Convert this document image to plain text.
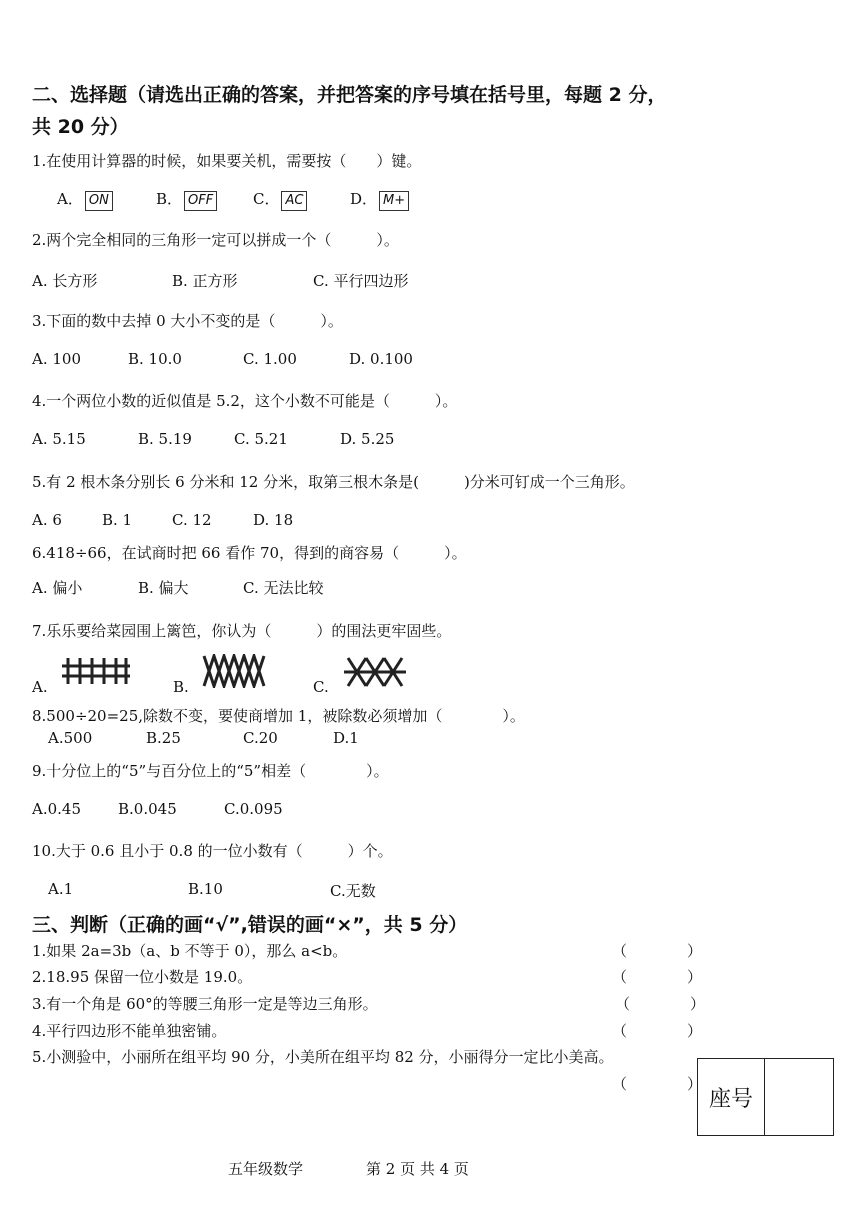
二、选择题（请选出正确的答案，并把答案的序号填在括号里，每题 2 分，
共 20 分）
1.在使用计算器的时候，如果要关机，需要按（　　）键。
A． ON	B． OFF	C． AC	D． M+
2.两个完全相同的三角形一定可以拼成一个（　　　）。
A. 长方形	B. 正方形	C. 平行四边形
3.下面的数中去掉 0 大小不变的是（　　　）。
A. 100	B. 10.0	C. 1.00	D. 0.100
4.一个两位小数的近似值是 5.2，这个小数不可能是（　　　）。
A. 5.15	B. 5.19	C. 5.21	D. 5.25
5.有 2 根木条分别长 6 分米和 12 分米，取第三根木条是(　　　)分米可钉成一个三角形。
A. 6	B. 1	C. 12	D. 18
6.418÷66，在试商时把 66 看作 70，得到的商容易（　　　）。
A. 偏小	B. 偏大	C. 无法比较
7.乐乐要给菜园围上篱笆，你认为（　　　）的围法更牢固些。
A.	B.	C.
8.500÷20=25,除数不变，要使商增加 1，被除数必须增加（　　　　）。
A.500	B.25	C.20	D.1
9.十分位上的“5”与百分位上的“5”相差（　　　　）。
A.0.45 B.0.045	C.0.095
10.大于 0.6 且小于 0.8 的一位小数有（　　　）个。
A.1	B.10	C.无数
三、判断（正确的画“√”,错误的画“×”，共 5 分）
1.如果 2a=3b（a、b 不等于 0），那么 a<b。	（　　　　）
2.18.95 保留一位小数是 19.0。	（　　　　）
3.有一个角是 60°的等腰三角形一定是等边三角形。	（　　　　）
4.平行四边形不能单独密铺。	（　　　　）
5.小测验中，小丽所在组平均 90 分，小美所在组平均 82 分，小丽得分一定比小美高。
（　　　　）
座号
五年级数学	第 2 页 共 4 页
